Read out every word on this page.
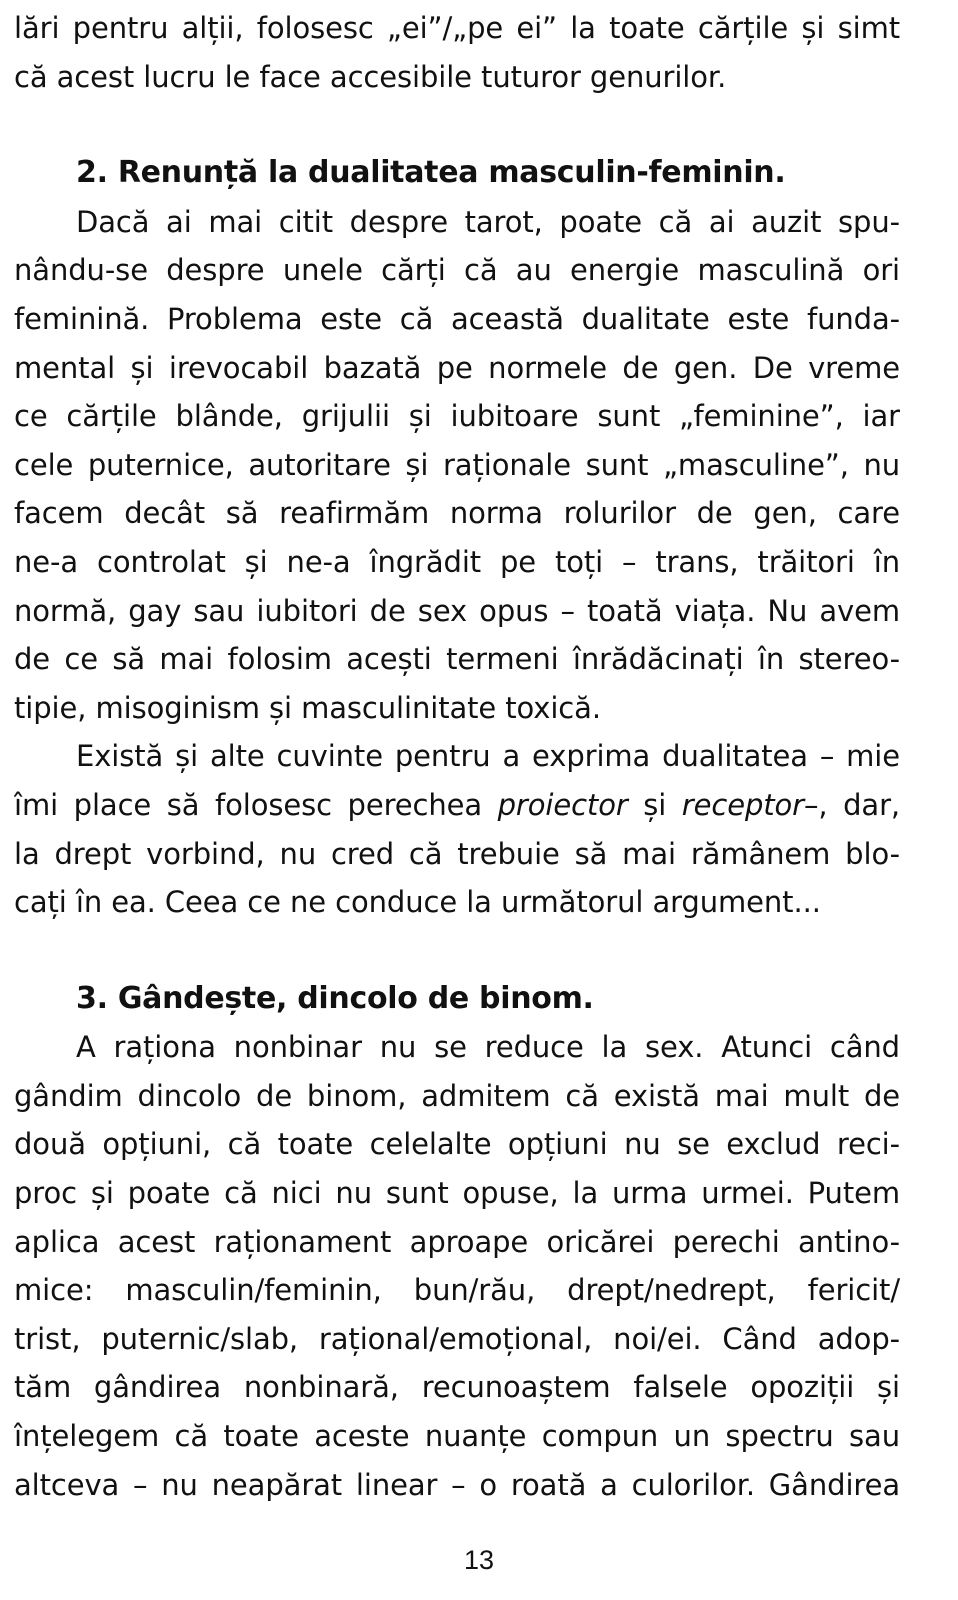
lări pentru alții, folosesc „ei”/„pe ei” la toate cărțile și simt
că acest lucru le face accesibile tuturor genurilor.
2. Renunță la dualitatea masculin-feminin.
Dacă ai mai citit despre tarot, poate că ai auzit spu-
nându-se despre unele cărți că au energie masculină ori
feminină. Problema este că această dualitate este funda-
mental și irevocabil bazată pe normele de gen. De vreme
ce cărțile blânde, grijulii și iubitoare sunt „feminine”, iar
cele puternice, autoritare și raționale sunt „masculine”, nu
facem decât să reafirmăm norma rolurilor de gen, care
ne-a controlat și ne-a îngrădit pe toți – trans, trăitori în
normă, gay sau iubitori de sex opus – toată viața. Nu avem
de ce să mai folosim acești termeni înrădăcinați în stereo-
tipie, misoginism și masculinitate toxică.
Există și alte cuvinte pentru a exprima dualitatea – mie
îmi place să folosesc perechea proiector și receptor–, dar,
la drept vorbind, nu cred că trebuie să mai rămânem blo-
cați în ea. Ceea ce ne conduce la următorul argument...
3. Gândește, dincolo de binom.
A raționa nonbinar nu se reduce la sex. Atunci când
gândim dincolo de binom, admitem că există mai mult de
două opțiuni, că toate celelalte opțiuni nu se exclud reci-
proc și poate că nici nu sunt opuse, la urma urmei. Putem
aplica acest raționament aproape oricărei perechi antino-
mice: masculin/feminin, bun/rău, drept/nedrept, fericit/
trist, puternic/slab, rațional/emoțional, noi/ei. Când adop-
tăm gândirea nonbinară, recunoaștem falsele opoziții și
înțelegem că toate aceste nuanțe compun un spectru sau
altceva – nu neapărat linear – o roată a culorilor. Gândirea
13
